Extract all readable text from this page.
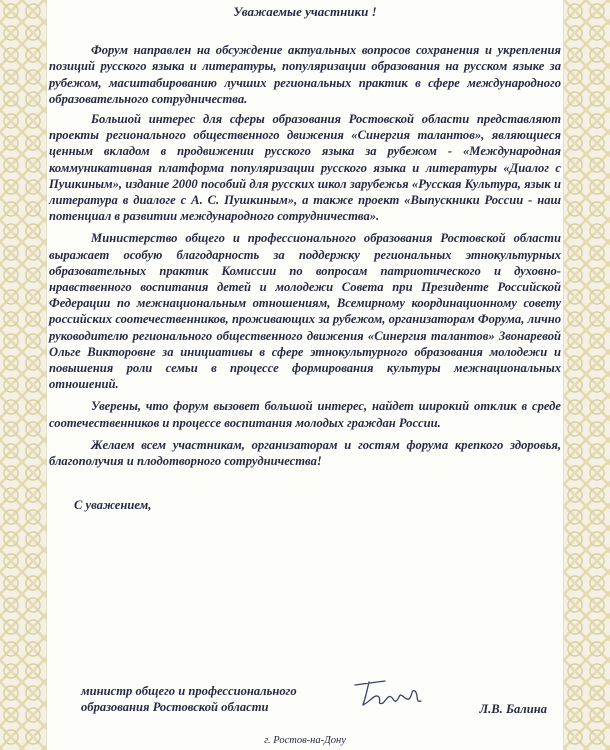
Уважаемые участники !

Форум направлен на обсуждение актуальных вопросов сохранения и укрепления позиций русского языка и литературы, популяризации образования на русском языке за рубежом, масштабированию лучших региональных практик в сфере международного образовательного сотрудничества.

Большой интерес для сферы образования Ростовской области представляют проекты регионального общественного движения «Синергия талантов», являющиеся ценным вкладом в продвижении русского языка за рубежом - «Международная коммуникативная платформа популяризации русского языка и литературы «Диалог с Пушкиным», издание 2000 пособий для русских школ зарубежья «Русская Культура, язык и литература в диалоге с А. С. Пушкиным», а также проект «Выпускники России - наш потенциал в развитии международного сотрудничества».

Министерство общего и профессионального образования Ростовской области выражает особую благодарность за поддержку региональных этнокультурных образовательных практик Комиссии по вопросам патриотического и духовно-нравственного воспитания детей и молодежи Совета при Президенте Российской Федерации по межнациональным отношениям, Всемирному координационному совету российских соотечественников, проживающих за рубежом, организаторам Форума, лично руководителю регионального общественного движения «Синергия талантов» Звонаревой Ольге Викторовне за инициативы в сфере этнокультурного образования молодежи и повышения роли семьи в процессе формирования культуры межнациональных отношений.

Уверены, что форум вызовет большой интерес, найдет широкий отклик в среде соотечественников и процессе воспитания молодых граждан России.

Желаем всем участникам, организаторам и гостям форума крепкого здоровья, благополучия и плодотворного сотрудничества!

С уважением,

министр общего и профессионального
образования Ростовской области	Л.В. Балина
г. Ростов-на-Дону
